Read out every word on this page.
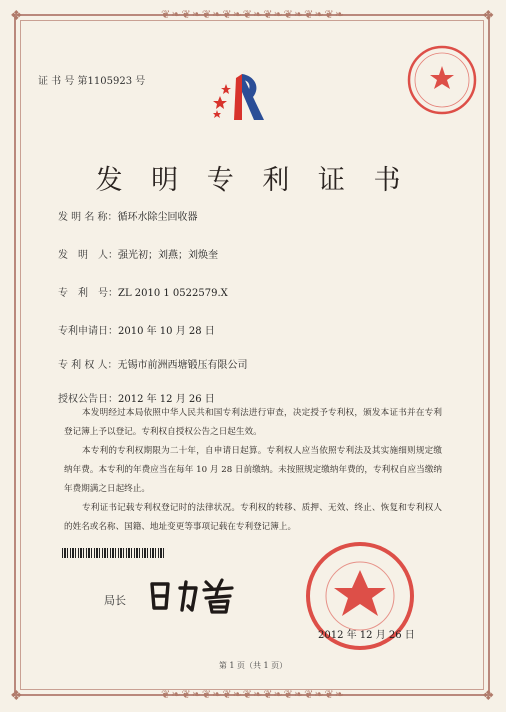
❦❧❦❧❦❧❦❧❦❧❦❧❦❧❦❧❦❧
❦❧❦❧❦❧❦❧❦❧❦❧❦❧❦❧❦❧
❖	❖
❖	❖
证 书 号 第1105923 号
发 明 专 利 证 书
发 明 名 称：循环水除尘回收器
发　明　人：强光初；刘燕；刘焕奎
专　利　号：ZL 2010 1 0522579.X
专利申请日：2010 年 10 月 28 日
专 利 权 人：无锡市前洲西塘锻压有限公司
授权公告日：2012 年 12 月 26 日

本发明经过本局依照中华人民共和国专利法进行审查，决定授予专利权，颁发本证书并在专利登记簿上予以登记。专利权自授权公告之日起生效。

本专利的专利权期限为二十年，自申请日起算。专利权人应当依照专利法及其实施细则规定缴纳年费。本专利的年费应当在每年 10 月 28 日前缴纳。未按照规定缴纳年费的，专利权自应当缴纳年费期满之日起终止。

专利证书记载专利权登记时的法律状况。专利权的转移、质押、无效、终止、恢复和专利权人的姓名或名称、国籍、地址变更等事项记载在专利登记簿上。

局长
2012 年 12 月 26 日
第 1 页（共 1 页）
